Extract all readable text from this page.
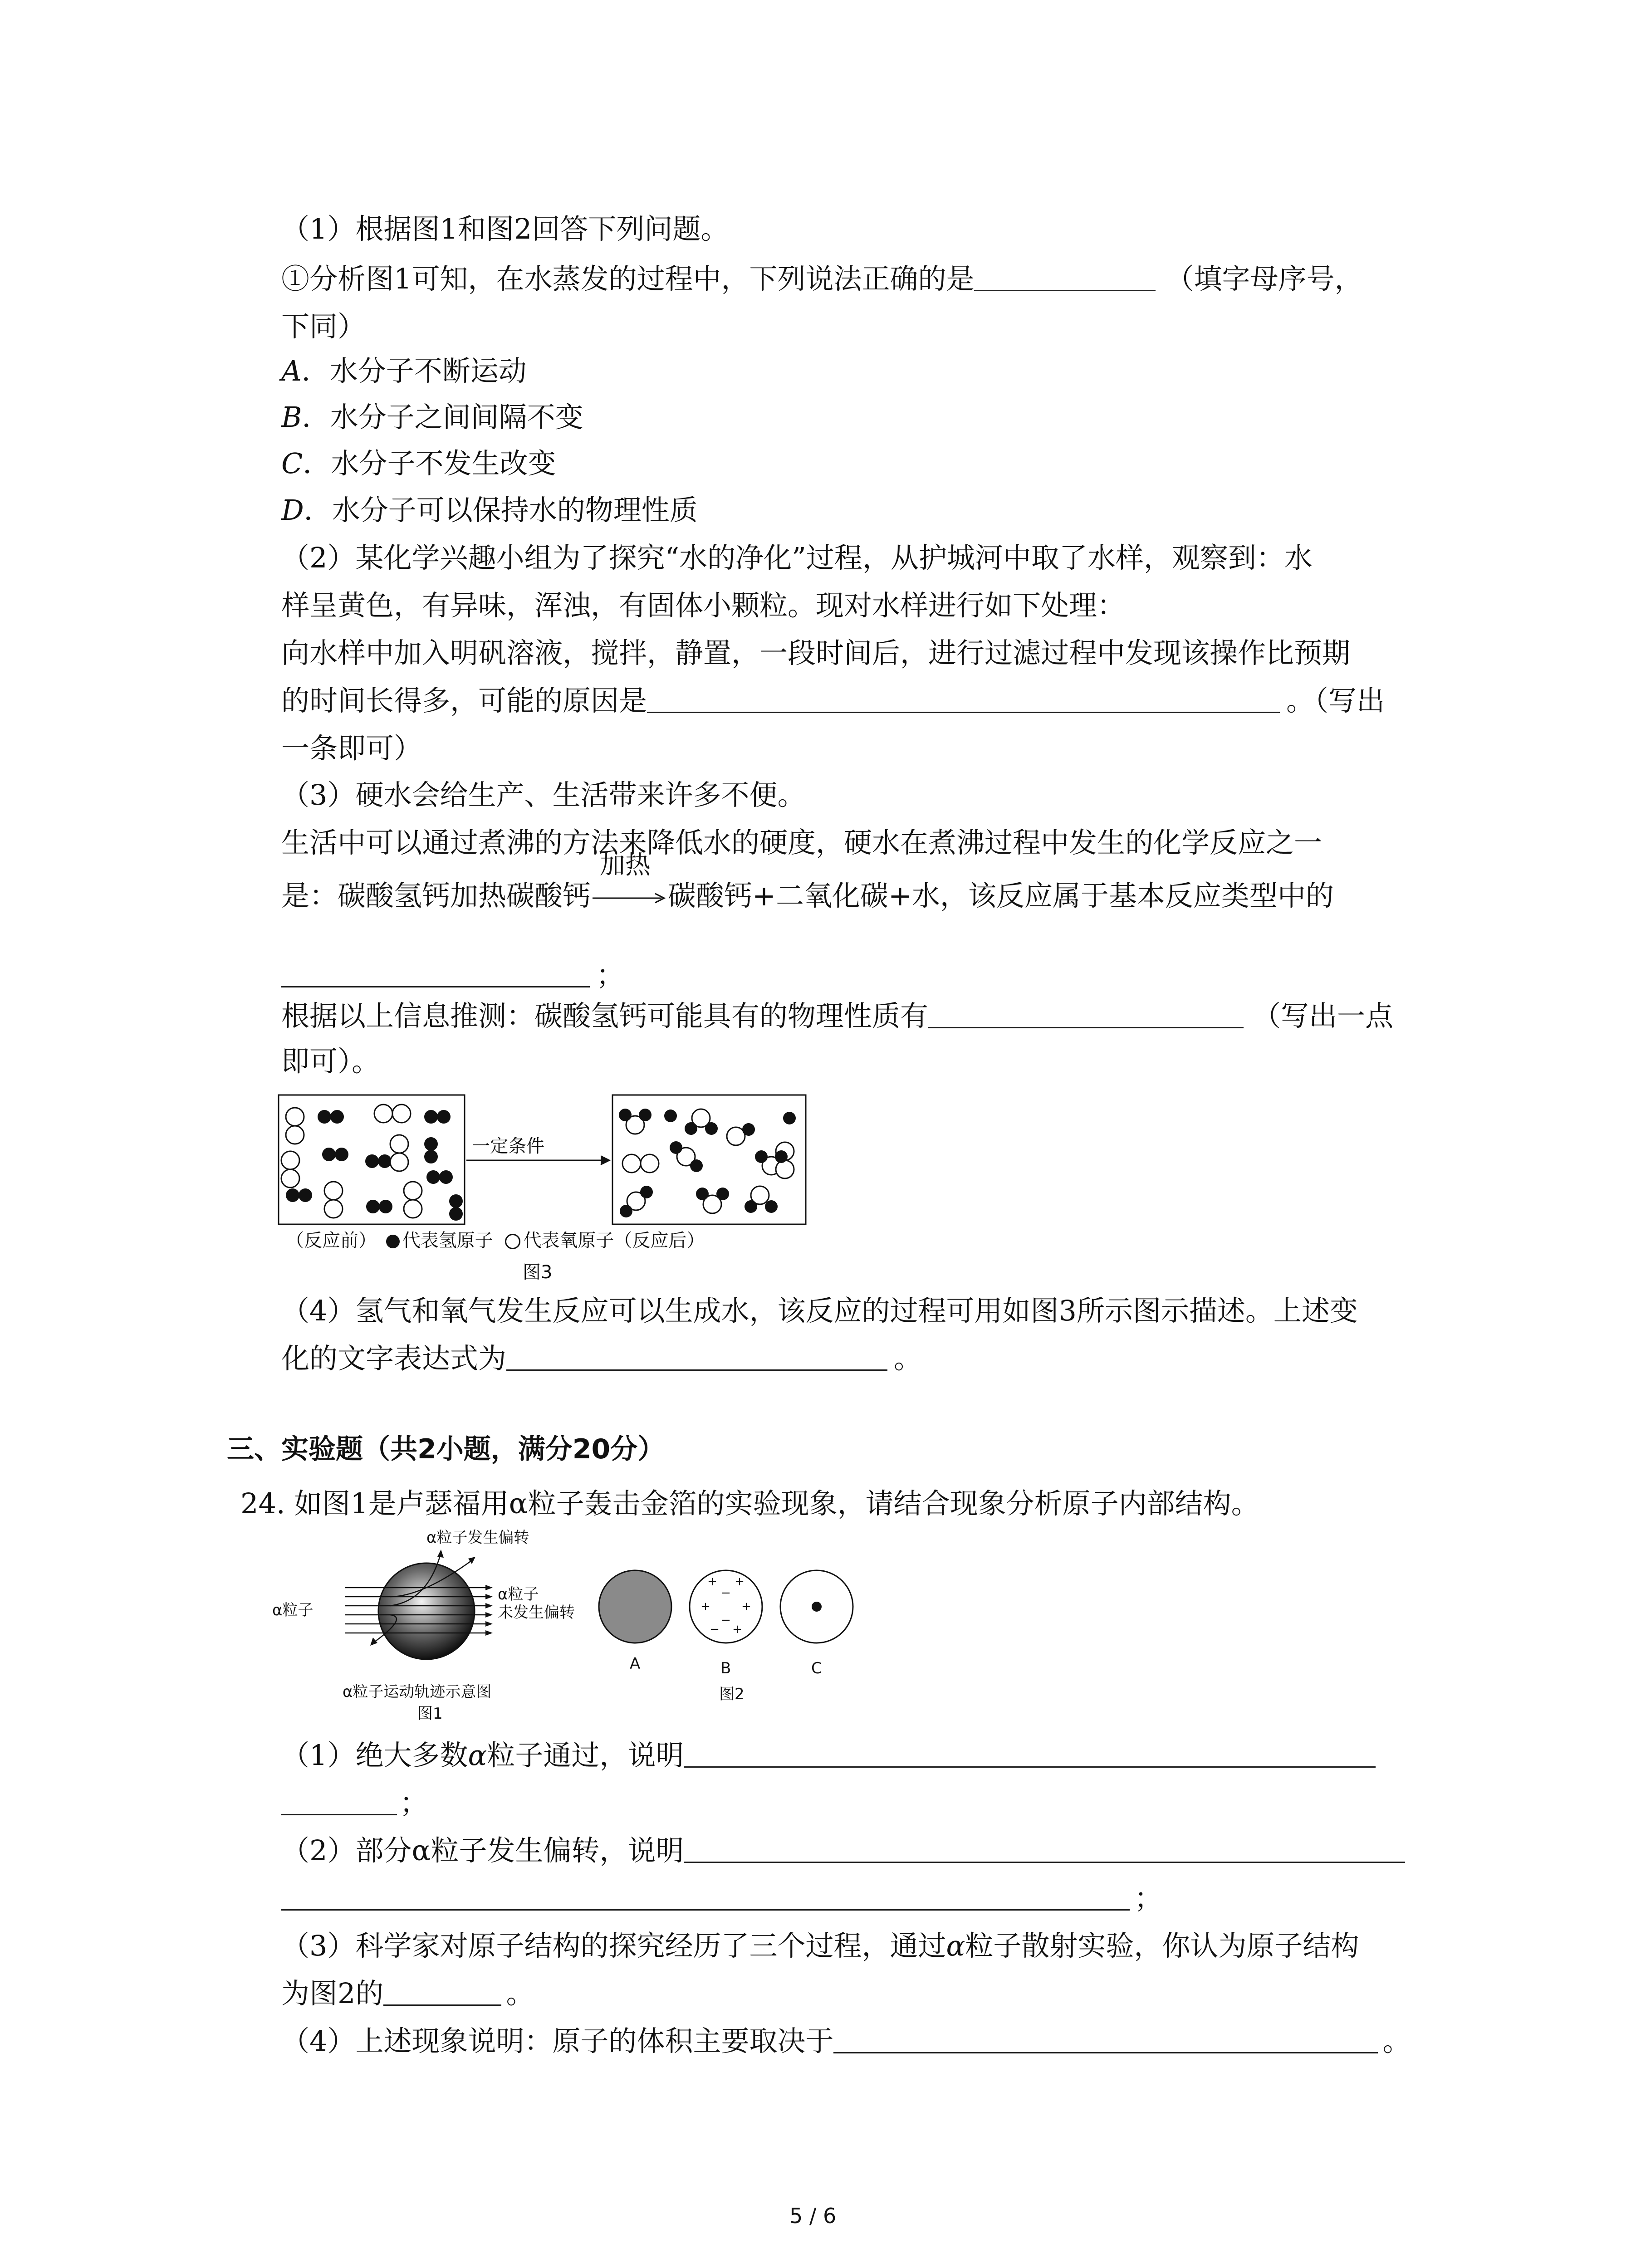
（1）根据图1和图2回答下列问题。
①分析图1可知，在水蒸发的过程中，下列说法正确的是	（填字母序号，
下同）
A．水分子不断运动
B．水分子之间间隔不变
C．水分子不发生改变
D．水分子可以保持水的物理性质
（2）某化学兴趣小组为了探究“水的净化”过程，从护城河中取了水样，观察到：水
样呈黄色，有异味，浑浊，有固体小颗粒。现对水样进行如下处理：
向水样中加入明矾溶液，搅拌，静置，一段时间后，进行过滤过程中发现该操作比预期
的时间长得多，可能的原因是	。（写出
一条即可）
（3）硬水会给生产、生活带来许多不便。
生活中可以通过煮沸的方法来降低水的硬度，硬水在煮沸过程中发生的化学反应之一
是：碳酸氢钙加热碳酸钙
加热
碳酸钙+二氧化碳+水，该反应属于基本反应类型中的
；
根据以上信息推测：碳酸氢钙可能具有的物理性质有	（写出一点
即可）。
一定条件
（反应前） 代表氢原子 代表氧原子（反应后）
图3
（4）氢气和氧气发生反应可以生成水，该反应的过程可用如图3所示图示描述。上述变
化的文字表达式为	。
三、实验题（共2小题，满分20分）
24. 如图1是卢瑟福用α粒子轰击金箔的实验现象，请结合现象分析原子内部结构。
+ +
+	+
− +
−
−
α粒子发生偏转
α粒子
α粒子
未发生偏转
α粒子运动轨迹示意图
图1
A	B	C
图2
（1）绝大多数α粒子通过，说明
；
（2）部分α粒子发生偏转，说明
；
（3）科学家对原子结构的探究经历了三个过程，通过α粒子散射实验，你认为原子结构
为图2的	。
（4）上述现象说明：原子的体积主要取决于	。
5 / 6
